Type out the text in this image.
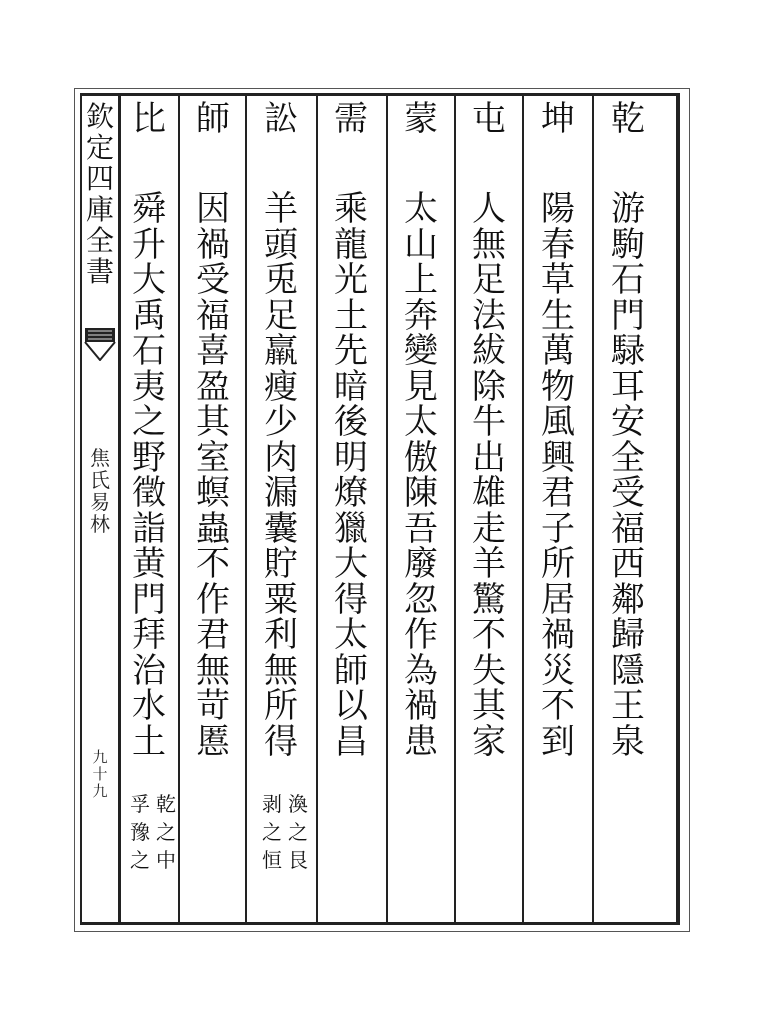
欽
定
四
庫
全
書
焦
氏
易
林
九
十
九
乾
游
駒
石
門
騄
耳
安
全
受
福
西
鄰
歸
隱
王
泉
坤
陽
春
草
生
萬
物
風
興
君
子
所
居
禍
災
不
到
屯
人
無
足
法
紱
除
牛
出
雄
走
羊
驚
不
失
其
家
蒙
太
山
上
奔
變
見
太
傲
陳
吾
廢
忽
作
為
禍
患
需
乘
龍
光
土
先
暗
後
明
燎
獵
大
得
太
師
以
昌
訟
羊
頭
兎
足
羸
瘦
少
肉
漏
囊
貯
粟
利
無
所
得
渙
之
艮
剥
之
恒
師
因
禍
受
福
喜
盈
其
室
螟
蟲
不
作
君
無
苛
慝
比
舜
升
大
禹
石
夷
之
野
徵
詣
黄
門
拜
治
水
土
乾
之
中
孚
豫
之
